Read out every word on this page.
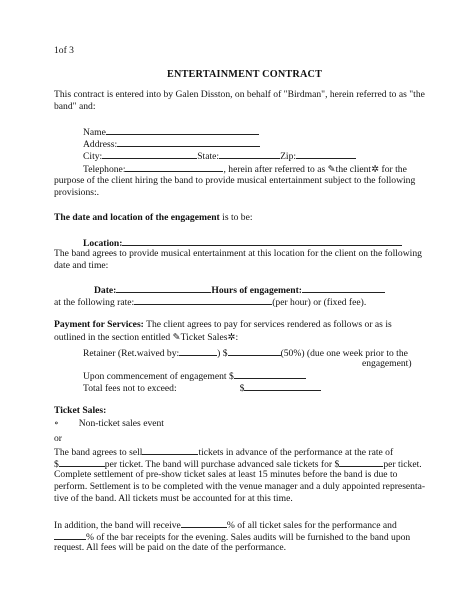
1of 3
ENTERTAINMENT CONTRACT
This contract is entered into by Galen Disston, on behalf of "Birdman", herein referred to as "the
band" and:
Name
Address:
City:	State:	Zip:
Telephone:	, herein after referred to as ✎the client✲ for the
purpose of the client hiring the band to provide musical entertainment subject to the following
provisions:.
The date and location of the engagement is to be:
Location:
The band agrees to provide musical entertainment at this location for the client on the following
date and time:
Date:	Hours of engagement:
at the following rate:	(per hour) or (fixed fee).
Payment for Services: The client agrees to pay for services rendered as follows or as is
outlined in the section entitled ✎Ticket Sales✲:
Retainer (Ret.waived by:	) $	(50%) (due one week prior to the
engagement)
Upon commencement of engagement $
Total fees not to exceed:	$
Ticket Sales:
∘ Non-ticket sales event
or
The band agrees to sell	tickets in advance of the performance at the rate of
$	per ticket. The band will purchase advanced sale tickets for $	per ticket.
Complete settlement of pre-show ticket sales at least 15 minutes before the band is due to
perform. Settlement is to be completed with the venue manager and a duly appointed representa-
tive of the band. All tickets must be accounted for at this time.
In addition, the band will receive	% of all ticket sales for the performance and
% of the bar receipts for the evening. Sales audits will be furnished to the band upon
request. All fees will be paid on the date of the performance.
